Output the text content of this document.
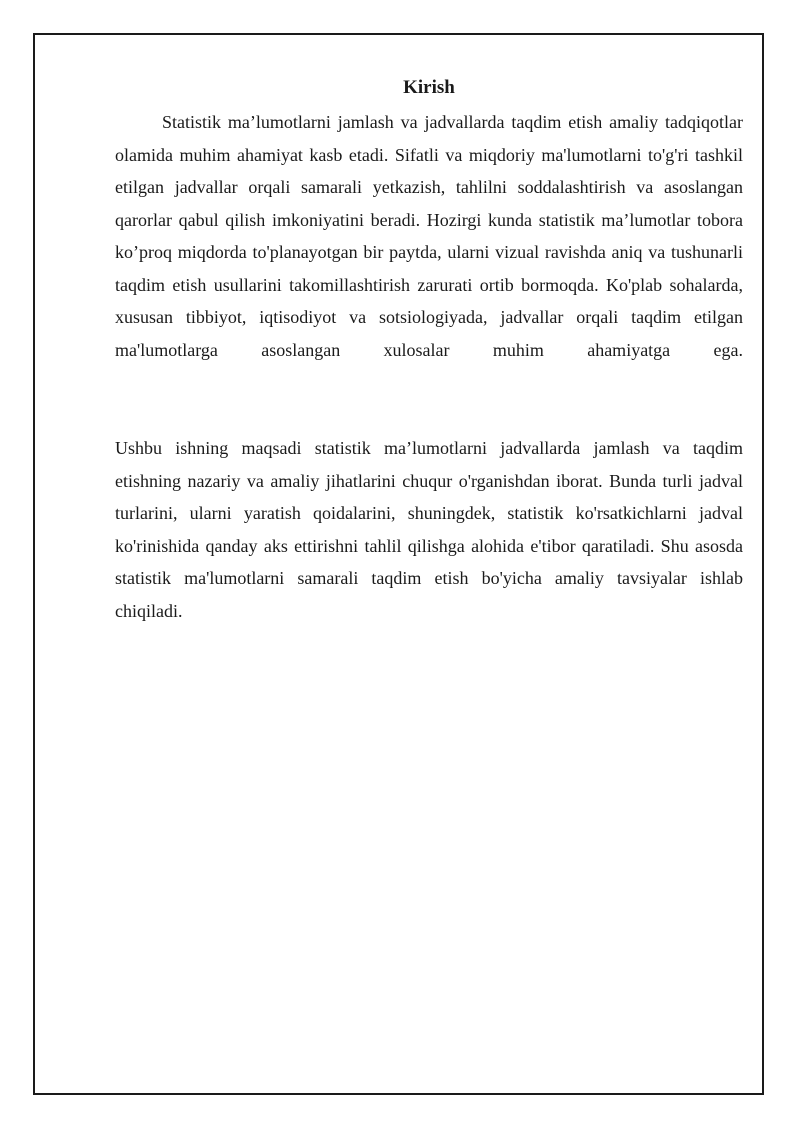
Kirish

Statistik ma’lumotlarni jamlash va jadvallarda taqdim etish amaliy tadqiqotlar olamida muhim ahamiyat kasb etadi. Sifatli va miqdoriy ma'lumotlarni to'g'ri tashkil etilgan jadvallar orqali samarali yetkazish, tahlilni soddalashtirish va asoslangan qarorlar qabul qilish imkoniyatini beradi. Hozirgi kunda statistik ma’lumotlar tobora ko’proq miqdorda to'planayotgan bir paytda, ularni vizual ravishda aniq va tushunarli taqdim etish usullarini takomillashtirish zarurati ortib bormoqda. Ko'plab sohalarda, xususan tibbiyot, iqtisodiyot va sotsiologiyada, jadvallar orqali taqdim etilgan ma'lumotlarga asoslangan xulosalar muhim ahamiyatga ega.

Ushbu ishning maqsadi statistik ma’lumotlarni jadvallarda jamlash va taqdim etishning nazariy va amaliy jihatlarini chuqur o'rganishdan iborat. Bunda turli jadval turlarini, ularni yaratish qoidalarini, shuningdek, statistik ko'rsatkichlarni jadval ko'rinishida qanday aks ettirishni tahlil qilishga alohida e'tibor qaratiladi. Shu asosda statistik ma'lumotlarni samarali taqdim etish bo'yicha amaliy tavsiyalar ishlab chiqiladi.
